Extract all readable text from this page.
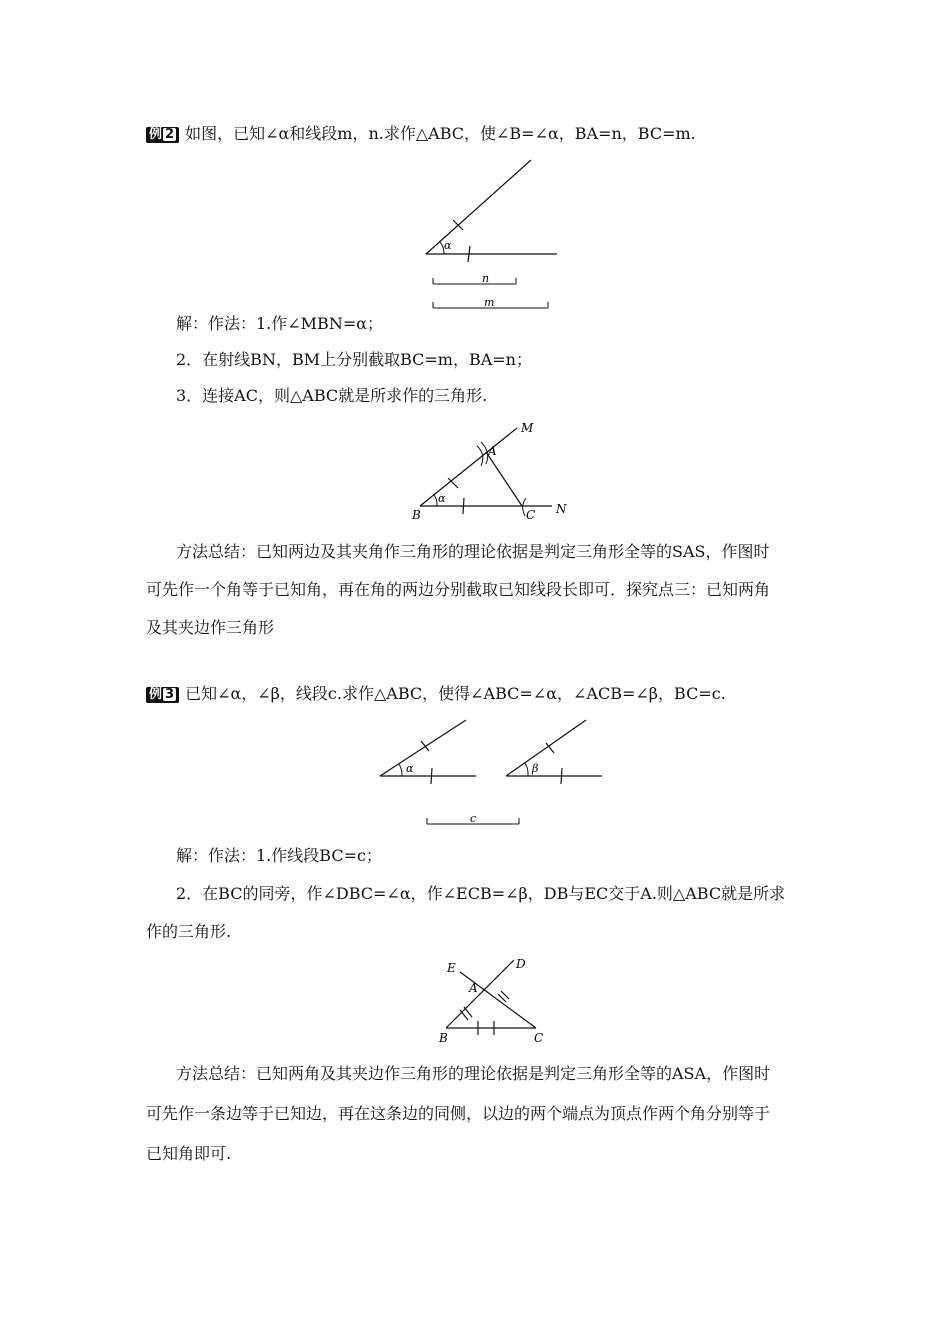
例 2 如图，已知∠α和线段m，n.求作△ABC，使∠B=∠α，BA=n，BC=m.
α
n
m
解：作法：1.作∠MBN=α；
2．在射线BN，BM上分别截取BC=m，BA=n；
3．连接AC，则△ABC就是所求作的三角形.
α
A
B	C
M
N
方法总结：已知两边及其夹角作三角形的理论依据是判定三角形全等的SAS，作图时
可先作一个角等于已知角，再在角的两边分别截取已知线段长即可．探究点三：已知两角
及其夹边作三角形
例 3 已知∠α，∠β，线段c.求作△ABC，使得∠ABC=∠α，∠ACB=∠β，BC=c.
α	β
c
解：作法：1.作线段BC=c；
2．在BC的同旁，作∠DBC=∠α，作∠ECB=∠β，DB与EC交于A.则△ABC就是所求
作的三角形.
A
B	C
D
E
方法总结：已知两角及其夹边作三角形的理论依据是判定三角形全等的ASA，作图时
可先作一条边等于已知边，再在这条边的同侧，以边的两个端点为顶点作两个角分别等于
已知角即可.
